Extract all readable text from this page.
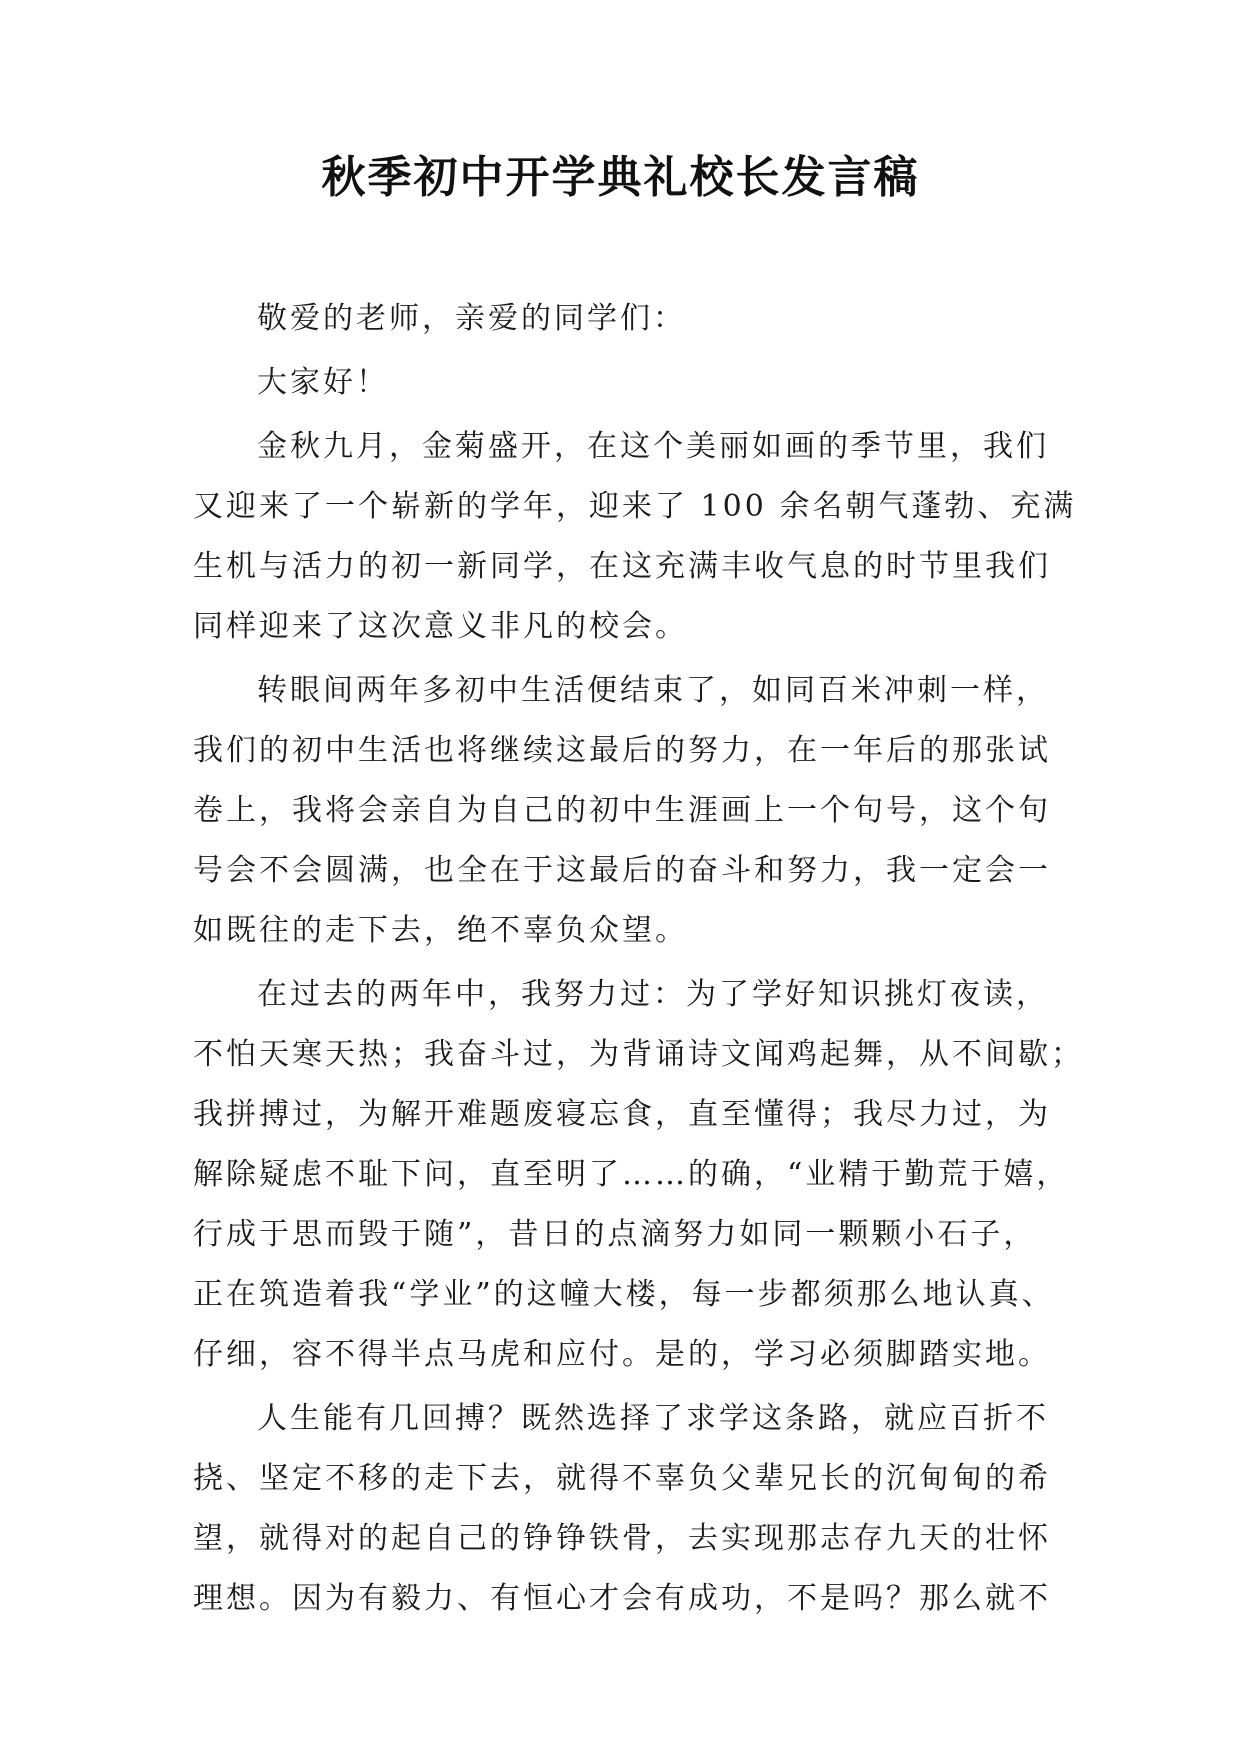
秋季初中开学典礼校长发言稿
敬爱的老师，亲爱的同学们：
大家好！
金秋九月，金菊盛开，在这个美丽如画的季节里，我们
又迎来了一个崭新的学年，迎来了 100 余名朝气蓬勃、充满
生机与活力的初一新同学，在这充满丰收气息的时节里我们
同样迎来了这次意义非凡的校会。
转眼间两年多初中生活便结束了，如同百米冲刺一样，
我们的初中生活也将继续这最后的努力，在一年后的那张试
卷上，我将会亲自为自己的初中生涯画上一个句号，这个句
号会不会圆满，也全在于这最后的奋斗和努力，我一定会一
如既往的走下去，绝不辜负众望。
在过去的两年中，我努力过：为了学好知识挑灯夜读，
不怕天寒天热；我奋斗过，为背诵诗文闻鸡起舞，从不间歇；
我拼搏过，为解开难题废寝忘食，直至懂得；我尽力过，为
解除疑虑不耻下问，直至明了……的确，“业精于勤荒于嬉，
行成于思而毁于随”，昔日的点滴努力如同一颗颗小石子，
正在筑造着我“学业”的这幢大楼，每一步都须那么地认真、
仔细，容不得半点马虎和应付。是的，学习必须脚踏实地。
人生能有几回搏？既然选择了求学这条路，就应百折不
挠、坚定不移的走下去，就得不辜负父辈兄长的沉甸甸的希
望，就得对的起自己的铮铮铁骨，去实现那志存九天的壮怀
理想。因为有毅力、有恒心才会有成功，不是吗？那么就不
